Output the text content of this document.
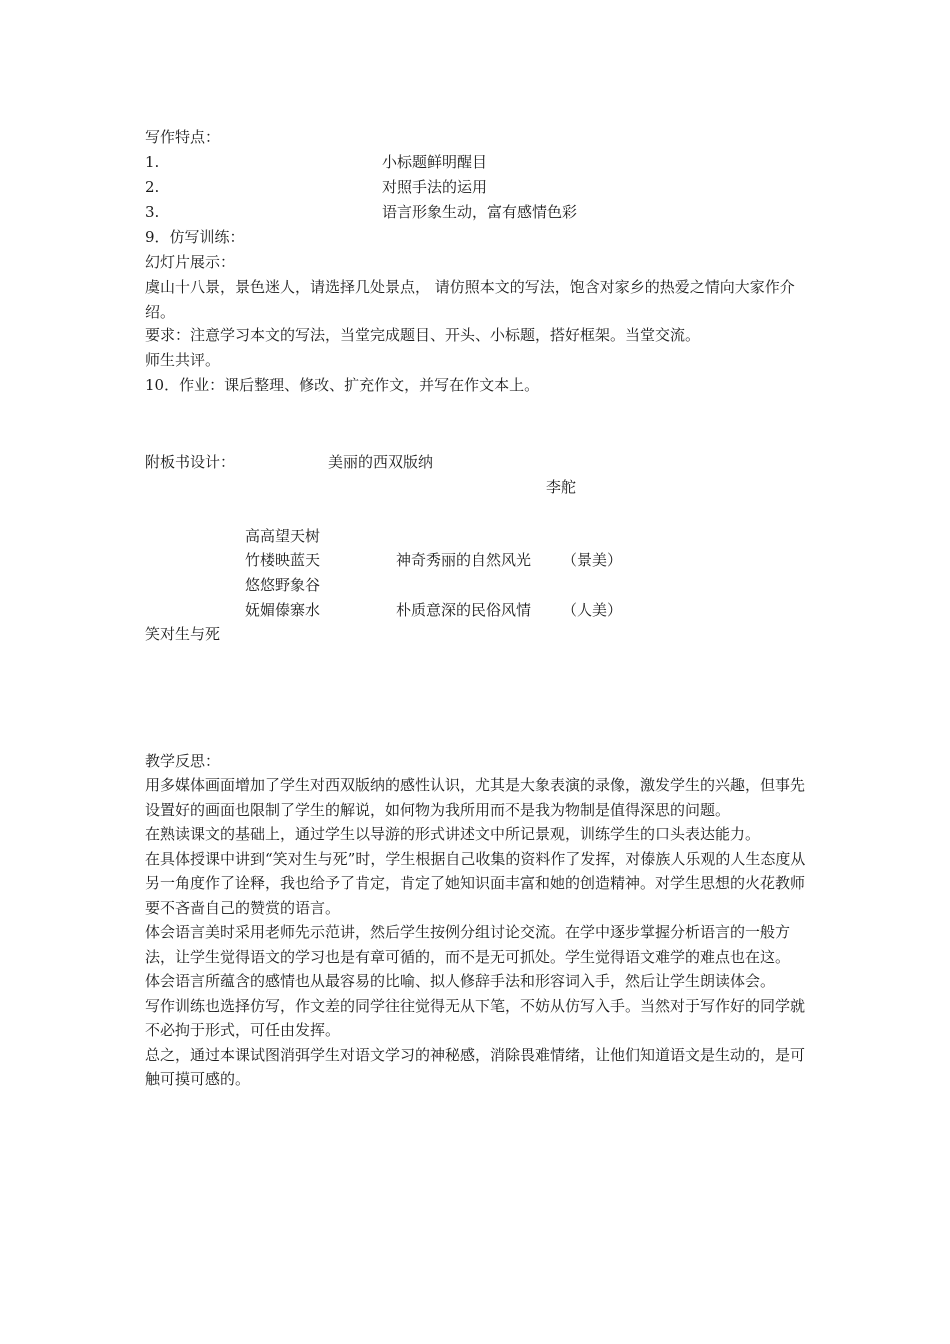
写作特点：
1.	小标题鲜明醒目
2.	对照手法的运用
3.	语言形象生动，富有感情色彩
9．仿写训练：
幻灯片展示：

虞山十八景，景色迷人，请选择几处景点， 请仿照本文的写法，饱含对家乡的热爱之情向大家作介绍。

要求：注意学习本文的写法，当堂完成题目、开头、小标题，搭好框架。当堂交流。
师生共评。
10．作业：课后整理、修改、扩充作文，并写在作文本上。
附板书设计：	美丽的西双版纳
李舵
高高望天树
竹楼映蓝天	神奇秀丽的自然风光 （景美）
悠悠野象谷
妩媚傣寨水	朴质意深的民俗风情 （人美）
笑对生与死
教学反思：

用多媒体画面增加了学生对西双版纳的感性认识，尤其是大象表演的录像，激发学生的兴趣，但事先设置好的画面也限制了学生的解说，如何物为我所用而不是我为物制是值得深思的问题。

在熟读课文的基础上，通过学生以导游的形式讲述文中所记景观，训练学生的口头表达能力。

在具体授课中讲到“笑对生与死”时，学生根据自己收集的资料作了发挥，对傣族人乐观的人生态度从另一角度作了诠释，我也给予了肯定，肯定了她知识面丰富和她的创造精神。对学生思想的火花教师要不吝啬自己的赞赏的语言。

体会语言美时采用老师先示范讲，然后学生按例分组讨论交流。在学中逐步掌握分析语言的一般方法，让学生觉得语文的学习也是有章可循的，而不是无可抓处。学生觉得语文难学的难点也在这。

体会语言所蕴含的感情也从最容易的比喻、拟人修辞手法和形容词入手，然后让学生朗读体会。

写作训练也选择仿写，作文差的同学往往觉得无从下笔，不妨从仿写入手。当然对于写作好的同学就不必拘于形式，可任由发挥。

总之，通过本课试图消弭学生对语文学习的神秘感，消除畏难情绪，让他们知道语文是生动的，是可触可摸可感的。
